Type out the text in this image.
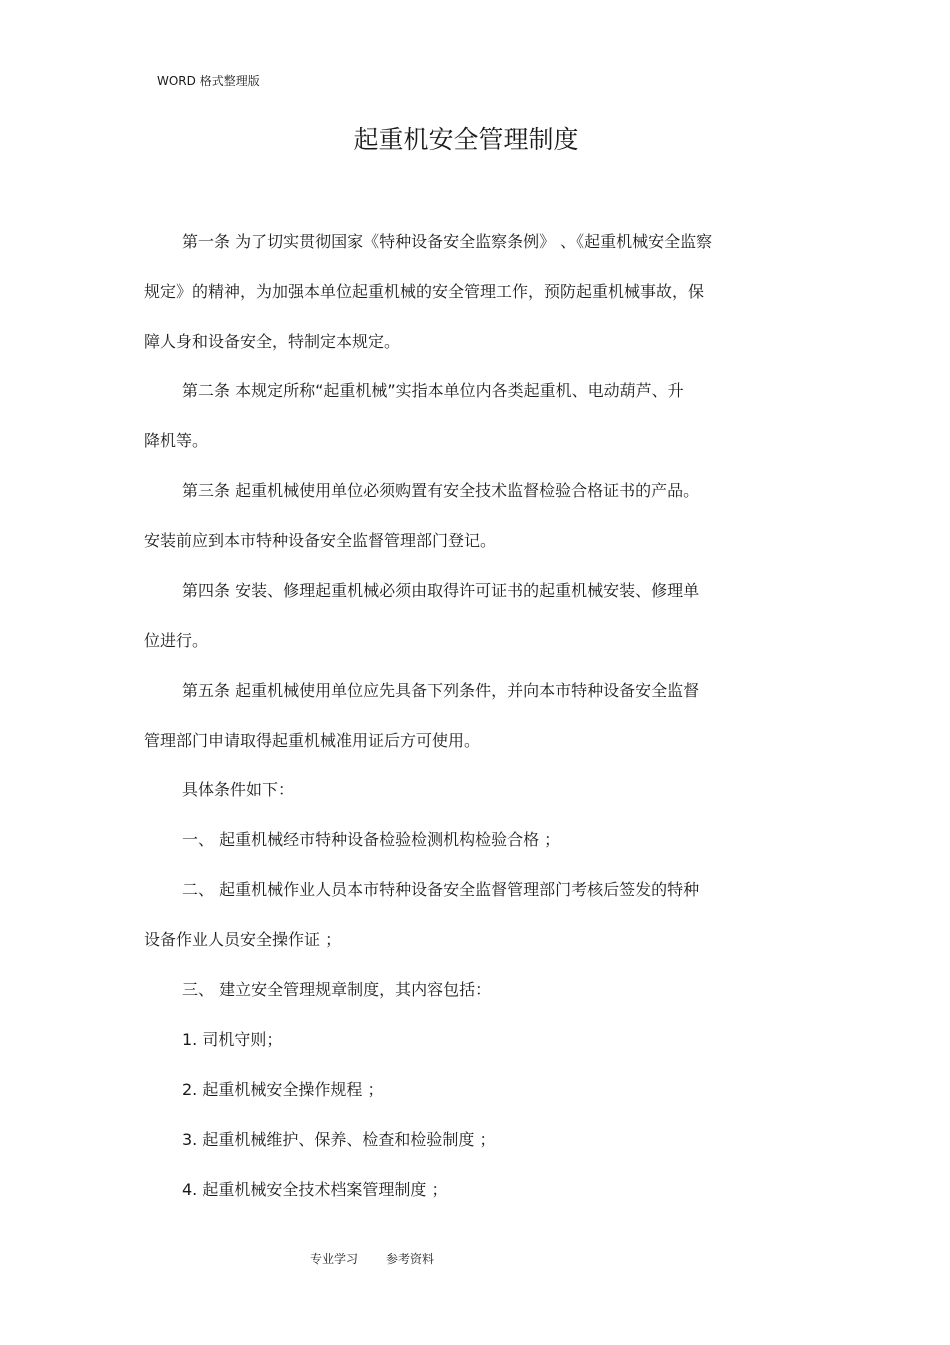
WORD 格式整理版
起重机安全管理制度
第一条 为了切实贯彻国家《特种设备安全监察条例》 、《起重机械安全监察
规定》的精神，为加强本单位起重机械的安全管理工作，预防起重机械事故，保
障人身和设备安全，特制定本规定。
第二条 本规定所称“起重机械”实指本单位内各类起重机、电动葫芦、升
降机等。
第三条 起重机械使用单位必须购置有安全技术监督检验合格证书的产品。
安装前应到本市特种设备安全监督管理部门登记。
第四条 安装、修理起重机械必须由取得许可证书的起重机械安装、修理单
位进行。
第五条 起重机械使用单位应先具备下列条件，并向本市特种设备安全监督
管理部门申请取得起重机械准用证后方可使用。
具体条件如下：
一、 起重机械经市特种设备检验检测机构检验合格 ；
二、 起重机械作业人员本市特种设备安全监督管理部门考核后签发的特种
设备作业人员安全操作证 ；
三、 建立安全管理规章制度，其内容包括：
1. 司机守则；
2. 起重机械安全操作规程 ；
3. 起重机械维护、保养、检查和检验制度 ；
4. 起重机械安全技术档案管理制度 ；
专业学习 参考资料
